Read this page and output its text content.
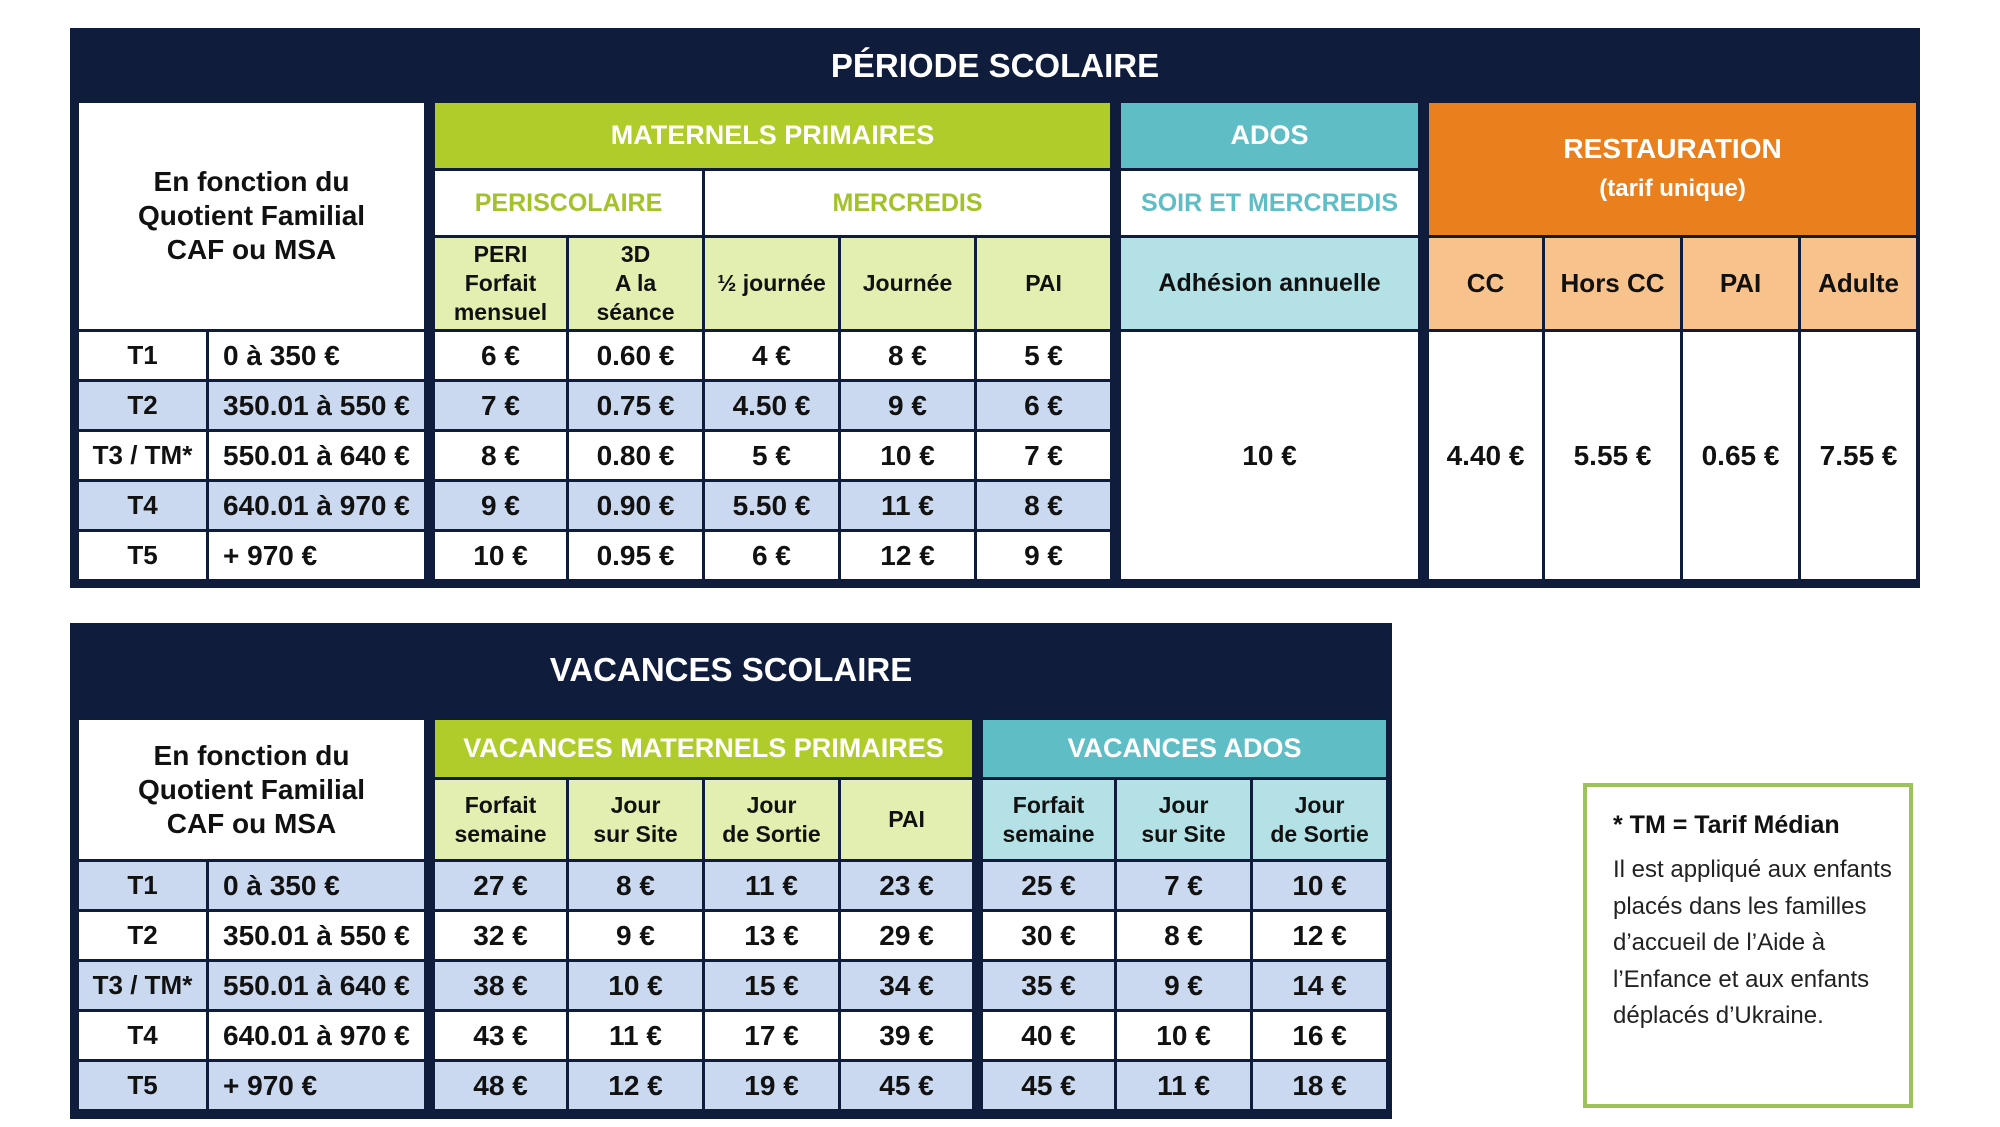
PÉRIODE SCOLAIRE
En fonction du
Quotient Familial
CAF ou MSA			MATERNELS PRIMAIRES						ADOS		RESTAURATION
(tarif unique)			
			PERISCOLAIRE		MERCREDIS				SOIR ET MERCREDIS					
			PERI
Forfait
mensuel	3D
A la
séance	½ journée	Journée	PAI		Adhésion annuelle		CC	Hors CC	PAI	Adulte
T1	0 à 350 €		6 €	0.60 €	4 €	8 €	5 €		10 €		4.40 €	5.55 €	0.65 €	7.55 €
T2	350.01 à 550 €		7 €	0.75 €	4.50 €	9 €	6 €							
T3 / TM*	550.01 à 640 €		8 €	0.80 €	5 €	10 €	7 €							
T4	640.01 à 970 €		9 €	0.90 €	5.50 €	11 €	8 €							
T5	+ 970 €		10 €	0.95 €	6 €	12 €	9 €							
VACANCES SCOLAIRE
En fonction du
Quotient Familial
CAF ou MSA			VACANCES MATERNELS PRIMAIRES					VACANCES ADOS		
			Forfait
semaine	Jour
sur Site	Jour
de Sortie	PAI		Forfait
semaine	Jour
sur Site	Jour
de Sortie
T1	0 à 350 €		27 €	8 €	11 €	23 €		25 €	7 €	10 €
T2	350.01 à 550 €		32 €	9 €	13 €	29 €		30 €	8 €	12 €
T3 / TM*	550.01 à 640 €		38 €	10 €	15 €	34 €		35 €	9 €	14 €
T4	640.01 à 970 €		43 €	11 €	17 €	39 €		40 €	10 €	16 €
T5	+ 970 €		48 €	12 €	19 €	45 €		45 €	11 €	18 €
* TM = Tarif Médian
Il est appliqué aux enfants placés dans les familles d’accueil de l’Aide à l’Enfance et aux enfants déplacés d’Ukraine.
